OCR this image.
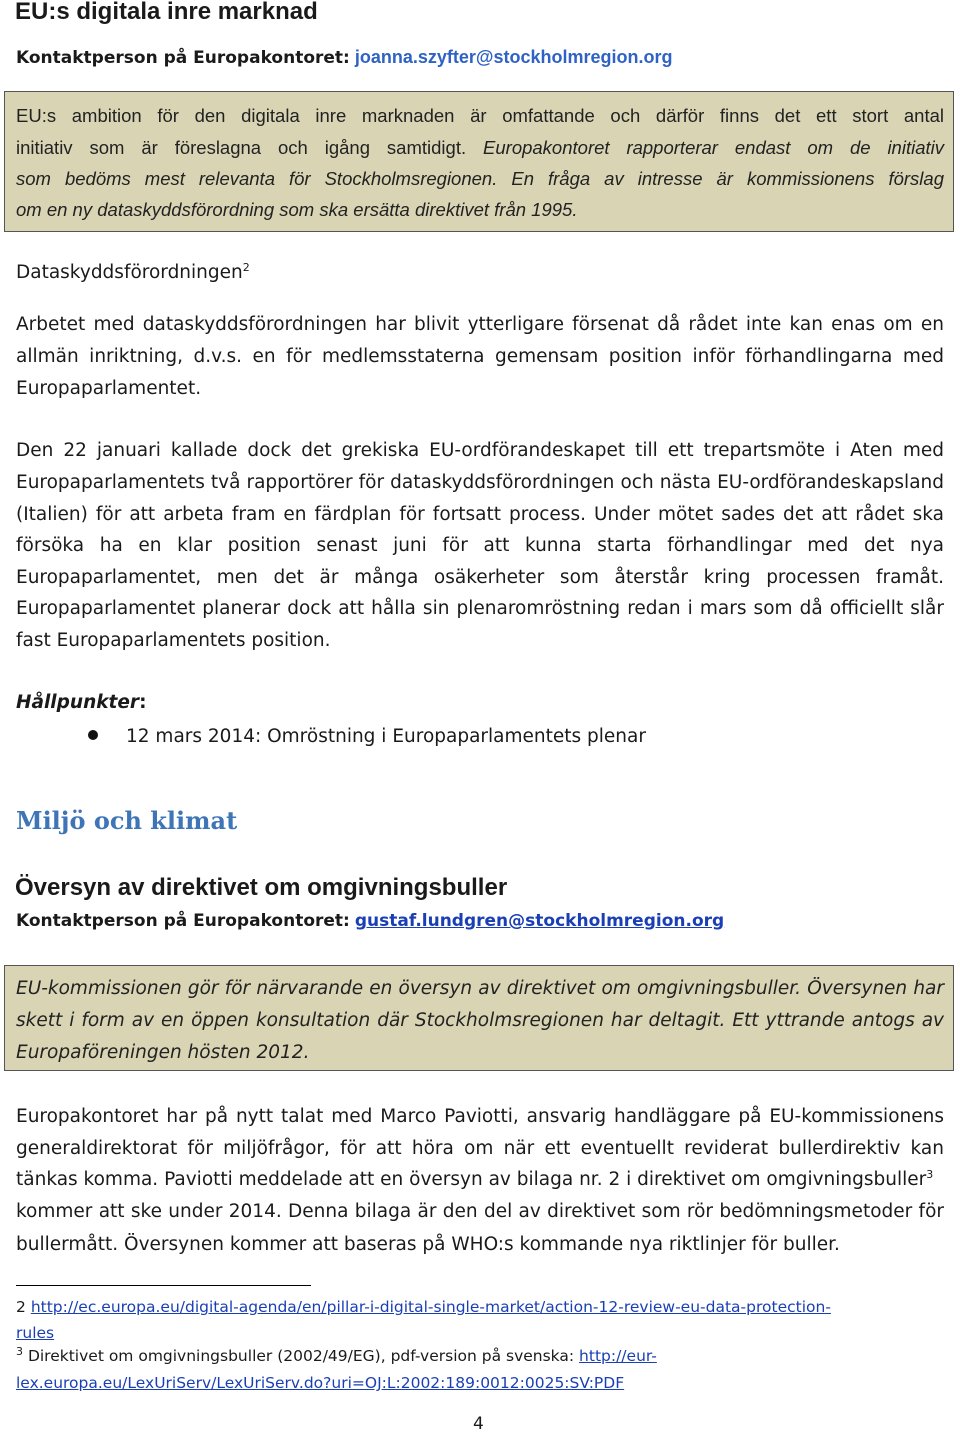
EU:s digitala inre marknad
Kontaktperson på Europakontoret: joanna.szyfter@stockholmregion.org
EU:s ambition för den digitala inre marknaden är omfattande och därför finns det ett stort antal
initiativ som är föreslagna och igång samtidigt. Europakontoret rapporterar endast om de initiativ
som bedöms mest relevanta för Stockholmsregionen. En fråga av intresse är kommissionens förslag
om en ny dataskyddsförordning som ska ersätta direktivet från 1995.
Dataskyddsförordningen$^2$
Arbetet med dataskyddsförordningen har blivit ytterligare försenat då rådet inte kan enas om en
allmän inriktning, d.v.s. en för medlemsstaterna gemensam position inför förhandlingarna med
Europaparlamentet.
Den 22 januari kallade dock det grekiska EU-ordförandeskapet till ett trepartsmöte i Aten med
Europaparlamentets två rapportörer för dataskyddsförordningen och nästa EU-ordförandeskapsland
(Italien) för att arbeta fram en färdplan för fortsatt process. Under mötet sades det att rådet ska
försöka ha en klar position senast juni för att kunna starta förhandlingar med det nya
Europaparlamentet, men det är många osäkerheter som återstår kring processen framåt.
Europaparlamentet planerar dock att hålla sin plenaromröstning redan i mars som då officiellt slår
fast Europaparlamentets position.
Hållpunkter:
12 mars 2014: Omröstning i Europaparlamentets plenar
Miljö och klimat
Översyn av direktivet om omgivningsbuller
Kontaktperson på Europakontoret: gustaf.lundgren@stockholmregion.org
EU-kommissionen gör för närvarande en översyn av direktivet om omgivningsbuller. Översynen har
skett i form av en öppen konsultation där Stockholmsregionen har deltagit. Ett yttrande antogs av
Europaföreningen hösten 2012.
Europakontoret har på nytt talat med Marco Paviotti, ansvarig handläggare på EU-kommissionens
generaldirektorat för miljöfrågor, för att höra om när ett eventuellt reviderat bullerdirektiv kan
tänkas komma. Paviotti meddelade att en översyn av bilaga nr. 2 i direktivet om omgivningsbuller$^3$
kommer att ske under 2014. Denna bilaga är den del av direktivet som rör bedömningsmetoder för
bullermått. Översynen kommer att baseras på WHO:s kommande nya riktlinjer för buller.
2 http://ec.europa.eu/digital-agenda/en/pillar-i-digital-single-market/action-12-review-eu-data-protection-
rules
$^3$ Direktivet om omgivningsbuller (2002/49/EG), pdf-version på svenska: http://eur-
lex.europa.eu/LexUriServ/LexUriServ.do?uri=OJ:L:2002:189:0012:0025:SV:PDF
4
